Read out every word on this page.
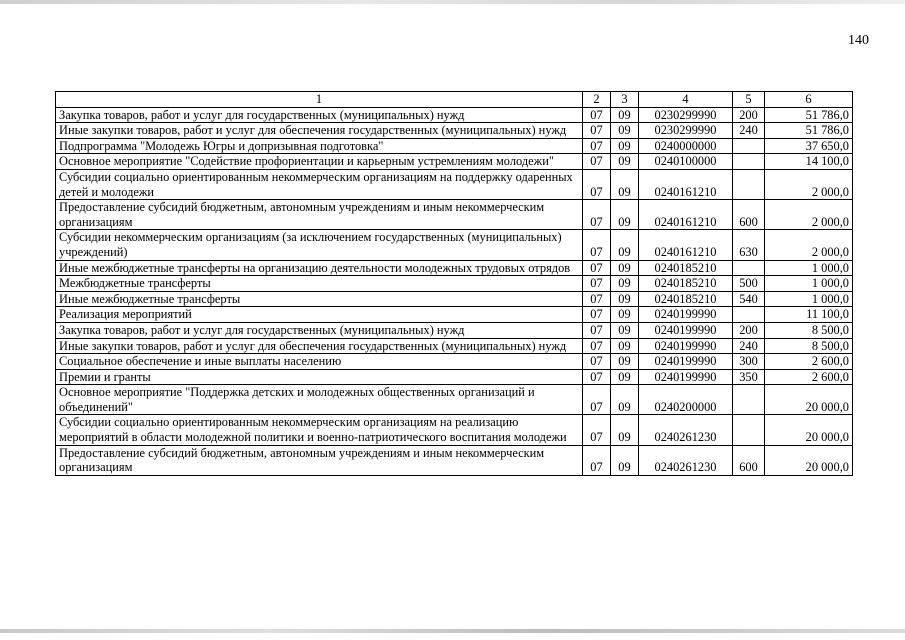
140
1	2	3	4	5	6
Закупка товаров, работ и услуг для государственных (муниципальных) нужд	07	09	0230299990	200	51 786,0
Иные закупки товаров, работ и услуг для обеспечения государственных (муниципальных) нужд	07	09	0230299990	240	51 786,0
Подпрограмма "Молодежь Югры и допризывная подготовка"	07	09	0240000000		37 650,0
Основное мероприятие "Содействие профориентации и карьерным устремлениям молодежи"	07	09	0240100000		14 100,0
Субсидии социально ориентированным некоммерческим организациям на поддержку одаренных детей и молодежи	07	09	0240161210		2 000,0
Предоставление субсидий бюджетным, автономным учреждениям и иным некоммерческим организациям	07	09	0240161210	600	2 000,0
Субсидии некоммерческим организациям (за исключением государственных (муниципальных) учреждений)	07	09	0240161210	630	2 000,0
Иные межбюджетные трансферты на организацию деятельности молодежных трудовых отрядов	07	09	0240185210		1 000,0
Межбюджетные трансферты	07	09	0240185210	500	1 000,0
Иные межбюджетные трансферты	07	09	0240185210	540	1 000,0
Реализация мероприятий	07	09	0240199990		11 100,0
Закупка товаров, работ и услуг для государственных (муниципальных) нужд	07	09	0240199990	200	8 500,0
Иные закупки товаров, работ и услуг для обеспечения государственных (муниципальных) нужд	07	09	0240199990	240	8 500,0
Социальное обеспечение и иные выплаты населению	07	09	0240199990	300	2 600,0
Премии и гранты	07	09	0240199990	350	2 600,0
Основное мероприятие "Поддержка детских и молодежных общественных организаций и объединений"	07	09	0240200000		20 000,0
Субсидии социально ориентированным некоммерческим организациям на реализацию мероприятий в области молодежной политики и военно-патриотического воспитания молодежи	07	09	0240261230		20 000,0
Предоставление субсидий бюджетным, автономным учреждениям и иным некоммерческим организациям	07	09	0240261230	600	20 000,0
